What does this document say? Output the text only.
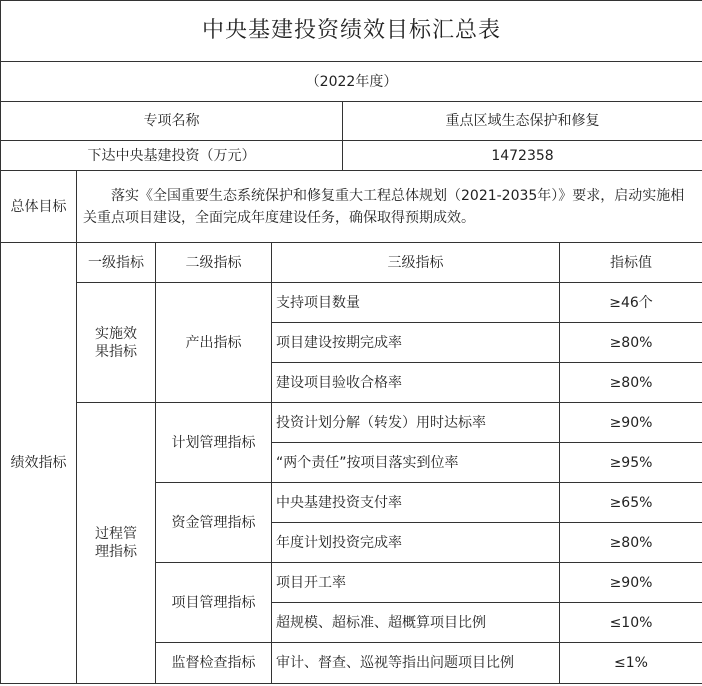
中央基建投资绩效目标汇总表					
（2022年度）					
专项名称				重点区域生态保护和修复	
下达中央基建投资（万元）				1472358	
总体目标	落实《全国重要生态系统保护和修复重大工程总体规划（2021-2035年）》要求，启动实施相关重点项目建设，全面完成年度建设任务，确保取得预期成效。				
绩效指标	一级指标	二级指标	三级指标		指标值

	实施效果指标	产出指标	支持项目数量		≥46个
			项目建设按期完成率		≥80%
			建设项目验收合格率		≥80%

	过程管理指标	计划管理指标	投资计划分解（转发）用时达标率		≥90%
			“两个责任”按项目落实到位率		≥95%
		资金管理指标	中央基建投资支付率		≥65%
			年度计划投资完成率		≥80%
		项目管理指标	项目开工率		≥90%
			超规模、超标准、超概算项目比例		≤10%
		监督检查指标	审计、督查、巡视等指出问题项目比例		≤1%
